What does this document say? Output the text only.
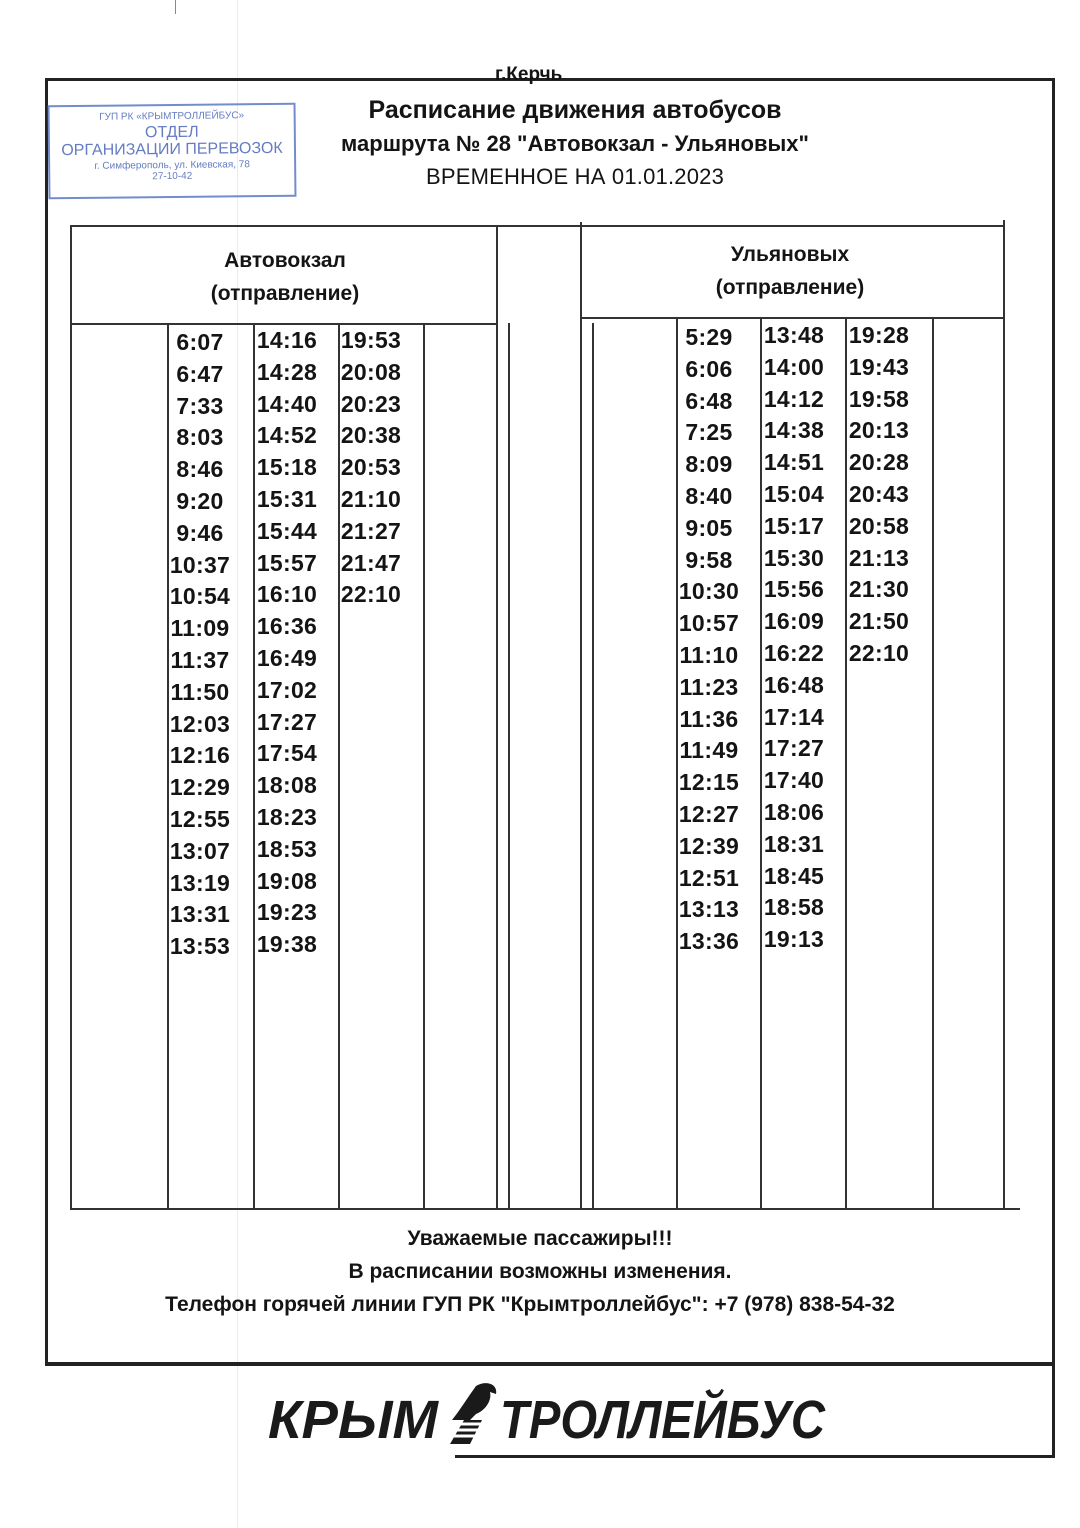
ГУП РК «КРЫМТРОЛЛЕЙБУС»
ОТДЕЛ
ОРГАНИЗАЦИИ ПЕРЕВОЗОК
г. Симферополь, ул. Киевская, 78
27-10-42
г.Керчь
Расписание движения автобусов
маршрута № 28 "Автовокзал - Ульяновых"
ВРЕМЕННОЕ НА 01.01.2023
Автовокзал
(отправление)
Ульяновых
(отправление)
6:07
6:47
7:33
8:03
8:46
9:20
9:46
10:37
10:54
11:09
11:37
11:50
12:03
12:16
12:29
12:55
13:07
13:19
13:31
13:53
14:16
14:28
14:40
14:52
15:18
15:31
15:44
15:57
16:10
16:36
16:49
17:02
17:27
17:54
18:08
18:23
18:53
19:08
19:23
19:38
19:53
20:08
20:23
20:38
20:53
21:10
21:27
21:47
22:10
5:29
6:06
6:48
7:25
8:09
8:40
9:05
9:58
10:30
10:57
11:10
11:23
11:36
11:49
12:15
12:27
12:39
12:51
13:13
13:36
13:48
14:00
14:12
14:38
14:51
15:04
15:17
15:30
15:56
16:09
16:22
16:48
17:14
17:27
17:40
18:06
18:31
18:45
18:58
19:13
19:28
19:43
19:58
20:13
20:28
20:43
20:58
21:13
21:30
21:50
22:10
Уважаемые пассажиры!!!
В расписании возможны изменения.
Телефон горячей линии ГУП РК "Крымтроллейбус": +7 (978) 838-54-32
КРЫМ ТРОЛЛЕЙБУС
